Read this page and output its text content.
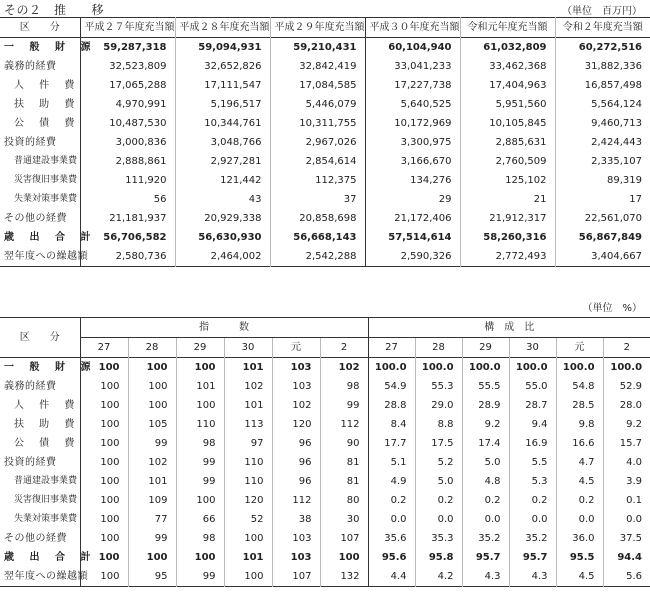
その２　推　　移	（単位　百万円）
区　　分	平成２７年度充当額	平成２８年度充当額	平成２９年度充当額	平成３０年度充当額	令和元年度充当額	令和２年度充当額
一 般 財 源	59,287,318	59,094,931	59,210,431	60,104,940	61,032,809	60,272,516
義務的経費	32,523,809	32,652,826	32,842,419	33,041,233	33,462,368	31,882,336
人 件 費	17,065,288	17,111,547	17,084,585	17,227,738	17,404,963	16,857,498
扶 助 費	4,970,991	5,196,517	5,446,079	5,640,525	5,951,560	5,564,124
公 債 費	10,487,530	10,344,761	10,311,755	10,172,969	10,105,845	9,460,713
投資的経費	3,000,836	3,048,766	2,967,026	3,300,975	2,885,631	2,424,443
普通建設事業費	2,888,861	2,927,281	2,854,614	3,166,670	2,760,509	2,335,107
災害復旧事業費	111,920	121,442	112,375	134,276	125,102	89,319
失業対策事業費	56	43	37	29	21	17
その他の経費	21,181,937	20,929,338	20,858,698	21,172,406	21,912,317	22,561,070
歳 出 合 計	56,706,582	56,630,930	56,668,143	57,514,614	58,260,316	56,867,849
翌年度への繰越額	2,580,736	2,464,002	2,542,288	2,590,326	2,772,493	3,404,667
（単位　%）
区　　分	指　　　数						構　成　比					
	27	28	29	30	元	2	27	28	29	30	元	2
一 般 財 源	100	100	100	101	103	102	100.0	100.0	100.0	100.0	100.0	100.0
義務的経費	100	100	101	102	103	98	54.9	55.3	55.5	55.0	54.8	52.9
人 件 費	100	100	100	101	102	99	28.8	29.0	28.9	28.7	28.5	28.0
扶 助 費	100	105	110	113	120	112	8.4	8.8	9.2	9.4	9.8	9.2
公 債 費	100	99	98	97	96	90	17.7	17.5	17.4	16.9	16.6	15.7
投資的経費	100	102	99	110	96	81	5.1	5.2	5.0	5.5	4.7	4.0
普通建設事業費	100	101	99	110	96	81	4.9	5.0	4.8	5.3	4.5	3.9
災害復旧事業費	100	109	100	120	112	80	0.2	0.2	0.2	0.2	0.2	0.1
失業対策事業費	100	77	66	52	38	30	0.0	0.0	0.0	0.0	0.0	0.0
その他の経費	100	99	98	100	103	107	35.6	35.3	35.2	35.2	36.0	37.5
歳 出 合 計	100	100	100	101	103	100	95.6	95.8	95.7	95.7	95.5	94.4
翌年度への繰越額	100	95	99	100	107	132	4.4	4.2	4.3	4.3	4.5	5.6
